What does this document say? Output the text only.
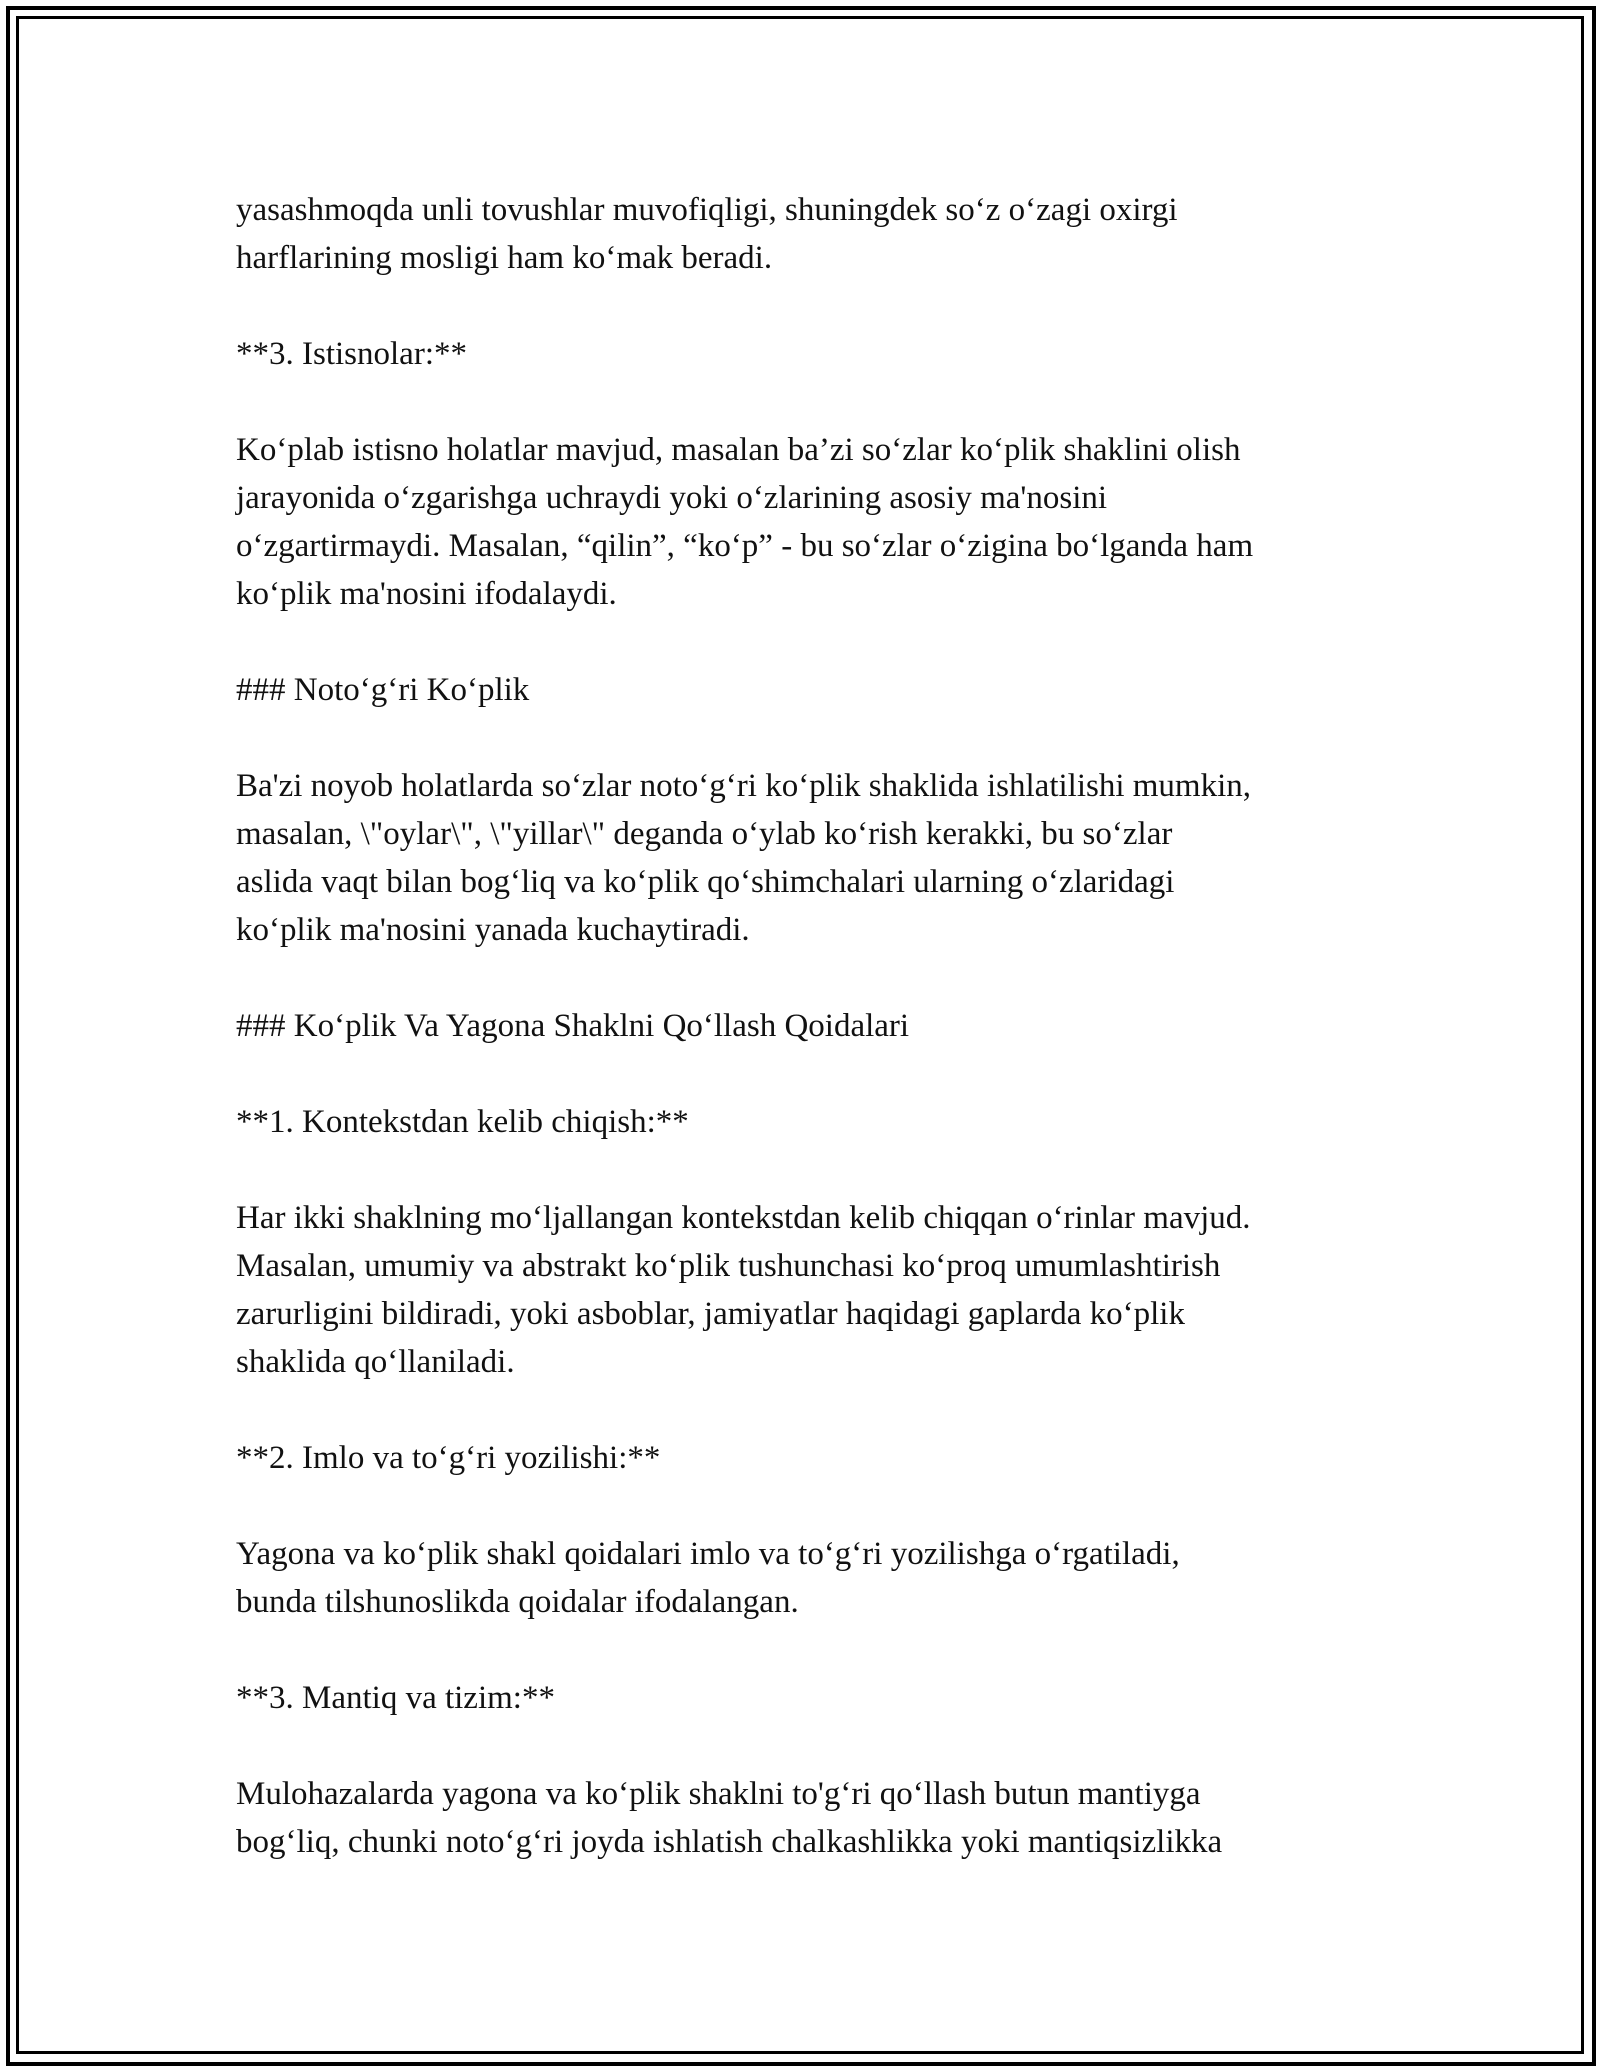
yasashmoqda unli tovushlar muvofiqligi, shuningdek so‘z o‘zagi oxirgi
harflarining mosligi ham ko‘mak beradi.
**3. Istisnolar:**
Ko‘plab istisno holatlar mavjud, masalan ba’zi so‘zlar ko‘plik shaklini olish
jarayonida o‘zgarishga uchraydi yoki o‘zlarining asosiy ma'nosini
o‘zgartirmaydi. Masalan, “qilin”, “ko‘p” - bu so‘zlar o‘zigina bo‘lganda ham
ko‘plik ma'nosini ifodalaydi.
### Noto‘g‘ri Ko‘plik
Ba'zi noyob holatlarda so‘zlar noto‘g‘ri ko‘plik shaklida ishlatilishi mumkin,
masalan, \"oylar\", \"yillar\" deganda o‘ylab ko‘rish kerakki, bu so‘zlar
aslida vaqt bilan bog‘liq va ko‘plik qo‘shimchalari ularning o‘zlaridagi
ko‘plik ma'nosini yanada kuchaytiradi.
### Ko‘plik Va Yagona Shaklni Qo‘llash Qoidalari
**1. Kontekstdan kelib chiqish:**
Har ikki shaklning mo‘ljallangan kontekstdan kelib chiqqan o‘rinlar mavjud.
Masalan, umumiy va abstrakt ko‘plik tushunchasi ko‘proq umumlashtirish
zarurligini bildiradi, yoki asboblar, jamiyatlar haqidagi gaplarda ko‘plik
shaklida qo‘llaniladi.
**2. Imlo va to‘g‘ri yozilishi:**
Yagona va ko‘plik shakl qoidalari imlo va to‘g‘ri yozilishga o‘rgatiladi,
bunda tilshunoslikda qoidalar ifodalangan.
**3. Mantiq va tizim:**
Mulohazalarda yagona va ko‘plik shaklni to'g‘ri qo‘llash butun mantiyga
bog‘liq, chunki noto‘g‘ri joyda ishlatish chalkashlikka yoki mantiqsizlikka
